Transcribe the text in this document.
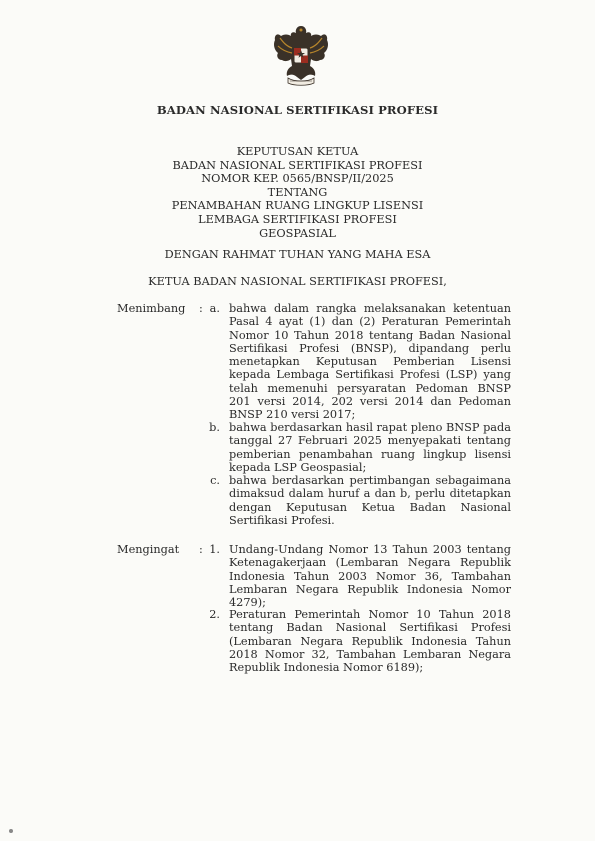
BADAN NASIONAL SERTIFIKASI PROFESI
KEPUTUSAN KETUA
BADAN NASIONAL SERTIFIKASI PROFESI
NOMOR KEP. 0565/BNSP/II/2025
TENTANG
PENAMBAHAN RUANG LINGKUP LISENSI
LEMBAGA SERTIFIKASI PROFESI
GEOSPASIAL
DENGAN RAHMAT TUHAN YANG MAHA ESA
KETUA BADAN NASIONAL SERTIFIKASI PROFESI,
Menimbang : a. bahwa dalam rangka melaksanakan ketentuan Pasal 4 ayat (1) dan (2) Peraturan Pemerintah Nomor 10 Tahun 2018 tentang Badan Nasional Sertifikasi Profesi (BNSP), dipandang perlu menetapkan Keputusan Pemberian Lisensi kepada Lembaga Sertifikasi Profesi (LSP) yang telah memenuhi persyaratan Pedoman BNSP 201 versi 2014, 202 versi 2014 dan Pedoman BNSP 210 versi 2017;
b. bahwa berdasarkan hasil rapat pleno BNSP pada tanggal 27 Februari 2025 menyepakati tentang pemberian penambahan ruang lingkup lisensi kepada LSP Geospasial;
c. bahwa berdasarkan pertimbangan sebagaimana dimaksud dalam huruf a dan b, perlu ditetapkan dengan Keputusan Ketua Badan Nasional Sertifikasi Profesi.
Mengingat : 1. Undang-Undang Nomor 13 Tahun 2003 tentang Ketenagakerjaan (Lembaran Negara Republik Indonesia Tahun 2003 Nomor 36, Tambahan Lembaran Negara Republik Indonesia Nomor 4279);
2. Peraturan Pemerintah Nomor 10 Tahun 2018 tentang Badan Nasional Sertifikasi Profesi (Lembaran Negara Republik Indonesia Tahun 2018 Nomor 32, Tambahan Lembaran Negara Republik Indonesia Nomor 6189);
